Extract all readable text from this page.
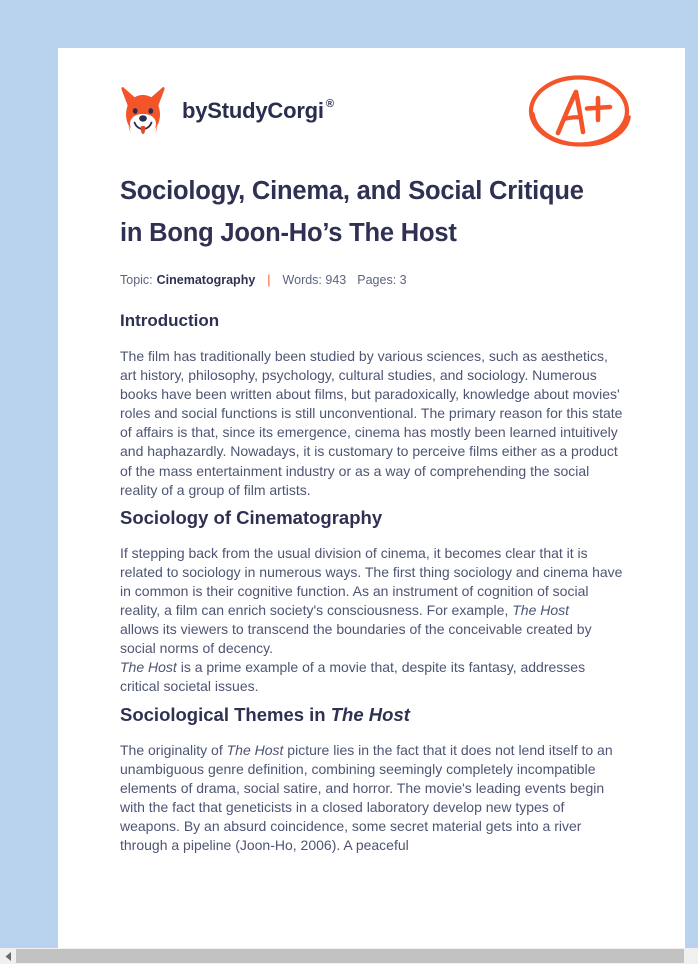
by StudyCorgi ®
Sociology, Cinema, and Social Critique in Bong Joon-Ho’s The Host
Topic: Cinematography | Words: 943 Pages: 3
Introduction

The film has traditionally been studied by various sciences, such as aesthetics, art history, philosophy, psychology, cultural studies, and sociology. Numerous books have been written about films, but paradoxically, knowledge about movies' roles and social functions is still unconventional. The primary reason for this state of affairs is that, since its emergence, cinema has mostly been learned intuitively and haphazardly. Nowadays, it is customary to perceive films either as a product of the mass entertainment industry or as a way of comprehending the social reality of a group of film artists.

Sociology of Cinematography

If stepping back from the usual division of cinema, it becomes clear that it is related to sociology in numerous ways. The first thing sociology and cinema have in common is their cognitive function. As an instrument of cognition of social reality, a film can enrich society's consciousness. For example, The Host
allows its viewers to transcend the boundaries of the conceivable created by social norms of decency.
The Host is a prime example of a movie that, despite its fantasy, addresses critical societal issues.

Sociological Themes in The Host

The originality of The Host picture lies in the fact that it does not lend itself to an unambiguous genre definition, combining seemingly completely incompatible elements of drama, social satire, and horror. The movie's leading events begin with the fact that geneticists in a closed laboratory develop new types of weapons. By an absurd coincidence, some secret material gets into a river through a pipeline (Joon-Ho, 2006). A peaceful
